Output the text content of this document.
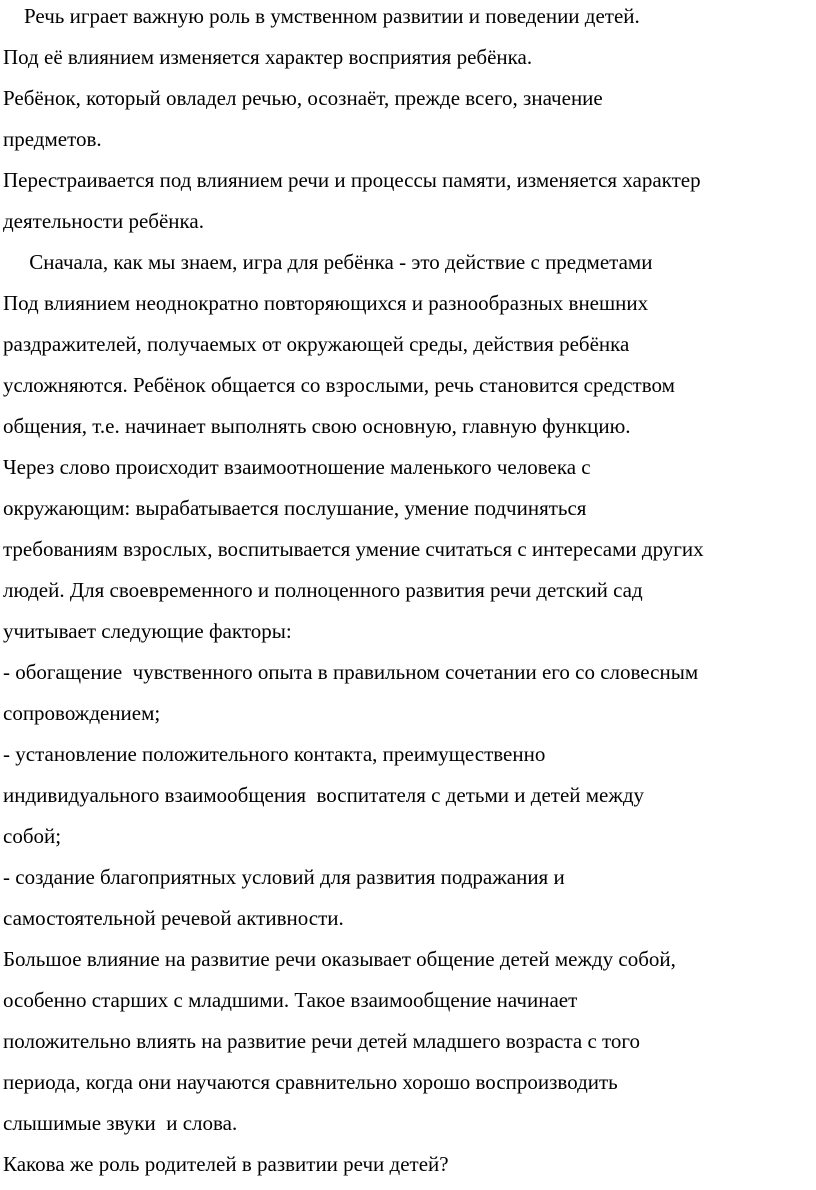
Речь играет важную роль в умственном развитии и поведении детей.

Под её влиянием изменяется характер восприятия ребёнка.

Ребёнок, который овладел речью, осознаёт, прежде всего, значение

предметов.

Перестраивается под влиянием речи и процессы памяти, изменяется характер

деятельности ребёнка.

Сначала, как мы знаем, игра для ребёнка - это действие с предметами

Под влиянием неоднократно повторяющихся и разнообразных внешних

раздражителей, получаемых от окружающей среды, действия ребёнка

усложняются. Ребёнок общается со взрослыми, речь становится средством

общения, т.е. начинает выполнять свою основную, главную функцию.

Через слово происходит взаимоотношение маленького человека с

окружающим: вырабатывается послушание, умение подчиняться

требованиям взрослых, воспитывается умение считаться с интересами других

людей. Для своевременного и полноценного развития речи детский сад

учитывает следующие факторы:

- обогащение  чувственного опыта в правильном сочетании его со словесным

сопровождением;

- установление положительного контакта, преимущественно

индивидуального взаимообщения  воспитателя с детьми и детей между

собой;

- создание благоприятных условий для развития подражания и

самостоятельной речевой активности.

Большое влияние на развитие речи оказывает общение детей между собой,

особенно старших с младшими. Такое взаимообщение начинает

положительно влиять на развитие речи детей младшего возраста с того

периода, когда они научаются сравнительно хорошо воспроизводить

слышимые звуки  и слова.

Какова же роль родителей в развитии речи детей?
